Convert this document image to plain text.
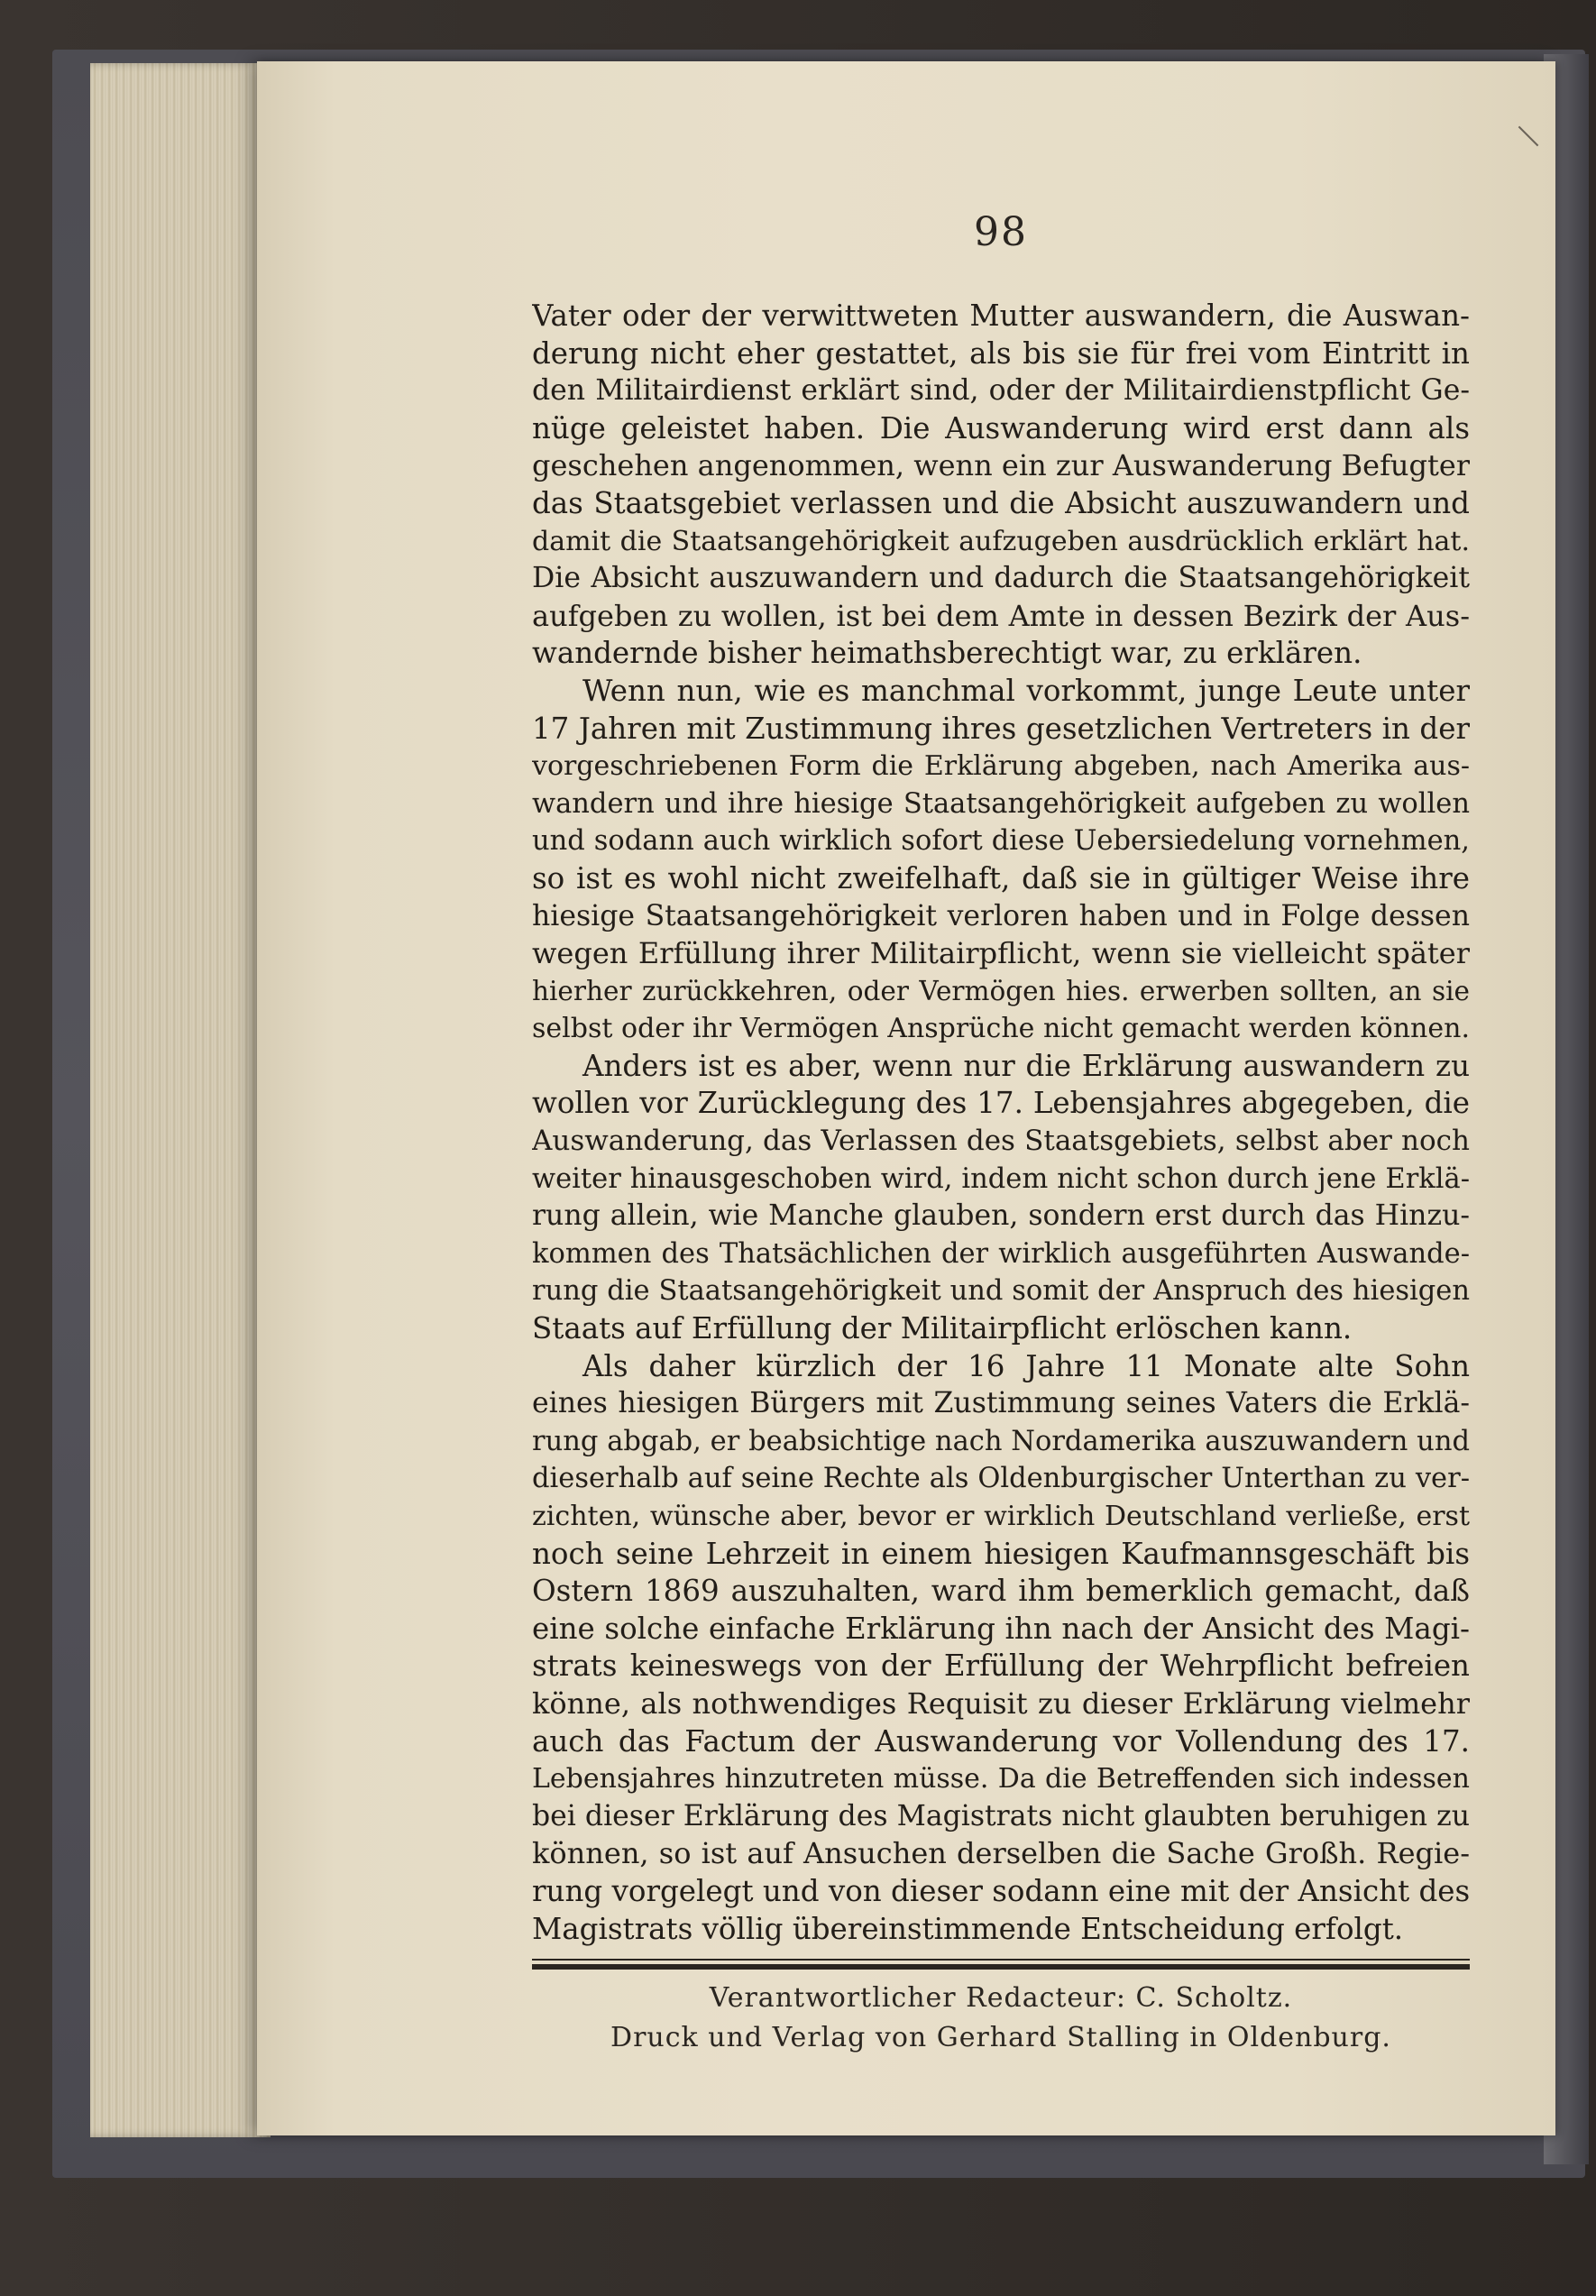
98
Vater oder der verwittweten Mutter auswandern, die Auswan-
derung nicht eher gestattet, als bis sie für frei vom Eintritt in
den Militairdienst erklärt sind, oder der Militairdienstpflicht Ge-
nüge geleistet haben. Die Auswanderung wird erst dann als
geschehen angenommen, wenn ein zur Auswanderung Befugter
das Staatsgebiet verlassen und die Absicht auszuwandern und
damit die Staatsangehörigkeit aufzugeben ausdrücklich erklärt hat.
Die Absicht auszuwandern und dadurch die Staatsangehörigkeit
aufgeben zu wollen, ist bei dem Amte in dessen Bezirk der Aus-
wandernde bisher heimathsberechtigt war, zu erklären.
Wenn nun, wie es manchmal vorkommt, junge Leute unter
17 Jahren mit Zustimmung ihres gesetzlichen Vertreters in der
vorgeschriebenen Form die Erklärung abgeben, nach Amerika aus-
wandern und ihre hiesige Staatsangehörigkeit aufgeben zu wollen
und sodann auch wirklich sofort diese Uebersiedelung vornehmen,
so ist es wohl nicht zweifelhaft, daß sie in gültiger Weise ihre
hiesige Staatsangehörigkeit verloren haben und in Folge dessen
wegen Erfüllung ihrer Militairpflicht, wenn sie vielleicht später
hierher zurückkehren, oder Vermögen hies. erwerben sollten, an sie
selbst oder ihr Vermögen Ansprüche nicht gemacht werden können.
Anders ist es aber, wenn nur die Erklärung auswandern zu
wollen vor Zurücklegung des 17. Lebensjahres abgegeben, die
Auswanderung, das Verlassen des Staatsgebiets, selbst aber noch
weiter hinausgeschoben wird, indem nicht schon durch jene Erklä-
rung allein, wie Manche glauben, sondern erst durch das Hinzu-
kommen des Thatsächlichen der wirklich ausgeführten Auswande-
rung die Staatsangehörigkeit und somit der Anspruch des hiesigen
Staats auf Erfüllung der Militairpflicht erlöschen kann.
Als daher kürzlich der 16 Jahre 11 Monate alte Sohn
eines hiesigen Bürgers mit Zustimmung seines Vaters die Erklä-
rung abgab, er beabsichtige nach Nordamerika auszuwandern und
dieserhalb auf seine Rechte als Oldenburgischer Unterthan zu ver-
zichten, wünsche aber, bevor er wirklich Deutschland verließe, erst
noch seine Lehrzeit in einem hiesigen Kaufmannsgeschäft bis
Ostern 1869 auszuhalten, ward ihm bemerklich gemacht, daß
eine solche einfache Erklärung ihn nach der Ansicht des Magi-
strats keineswegs von der Erfüllung der Wehrpflicht befreien
könne, als nothwendiges Requisit zu dieser Erklärung vielmehr
auch das Factum der Auswanderung vor Vollendung des 17.
Lebensjahres hinzutreten müsse. Da die Betreffenden sich indessen
bei dieser Erklärung des Magistrats nicht glaubten beruhigen zu
können, so ist auf Ansuchen derselben die Sache Großh. Regie-
rung vorgelegt und von dieser sodann eine mit der Ansicht des
Magistrats völlig übereinstimmende Entscheidung erfolgt.
Verantwortlicher Redacteur: C. Scholtz.
Druck und Verlag von Gerhard Stalling in Oldenburg.
